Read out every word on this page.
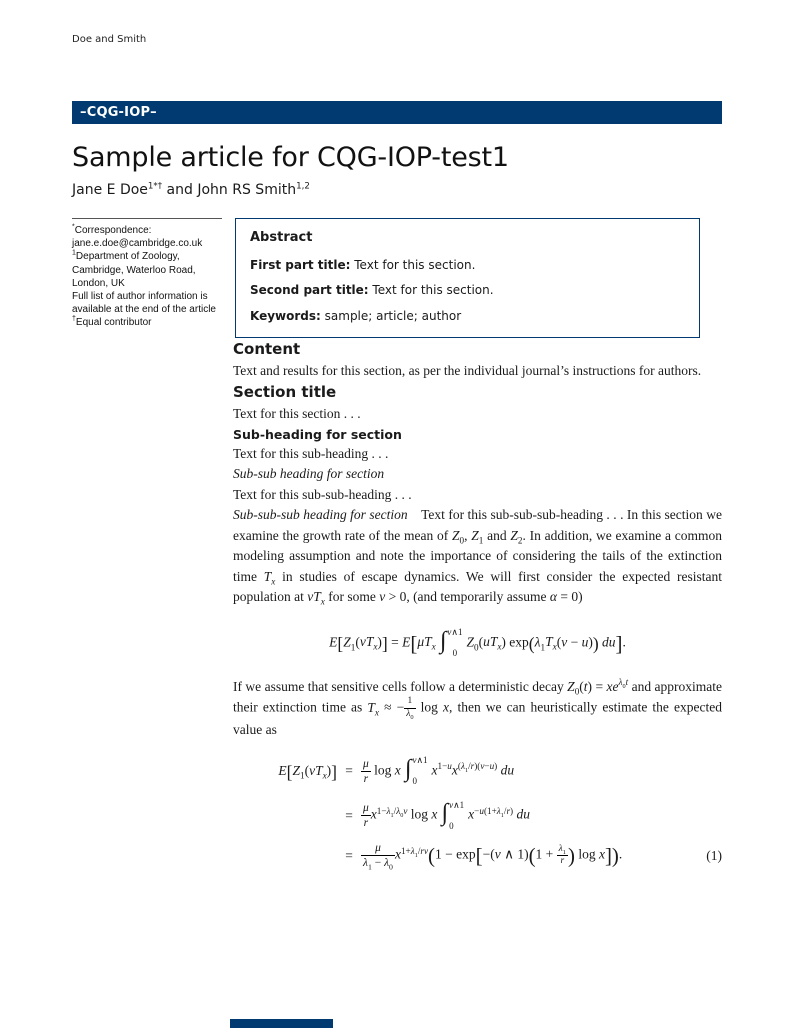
Doe and Smith
–CQG-IOP–
Sample article for CQG-IOP-test1
Jane E Doe$^{1*\dagger}$ and John RS Smith$^{1,2}$

*Correspondence:
jane.e.doe@cambridge.co.uk

$^1$Department of Zoology, Cambridge, Waterloo Road, London, UK

Full list of author information is available at the end of the article

†Equal contributor

Abstract

First part title: Text for this section.

Second part title: Text for this section.

Keywords: sample; article; author

Content

Text and results for this section, as per the individual journal’s instructions for authors.

Section title

Text for this section . . .

Sub-heading for section

Text for this sub-heading . . .

Sub-sub heading for section

Text for this sub-sub-heading . . .

Sub-sub-sub heading for section Text for this sub-sub-sub-heading . . . In this section we examine the growth rate of the mean of $Z_0$, $Z_1$ and $Z_2$. In addition, we examine a common modeling assumption and note the importance of considering the tails of the extinction time $T_x$ in studies of escape dynamics. We will first consider the expected resistant population at $vT_x$ for some v > 0, (and temporarily assume α = 0)

$E[Z_1(vT_x)] = E[\mu T_x$ ∫ v∧1
0
$Z_0(uT_x) \exp(\lambda_1T_x(v - u))$ du].

If we assume that sensitive cells follow a deterministic decay $Z_0(t) = xe^{\lambda_0t}$ and approximate their extinction time as $T_x$ ≈ − $\frac{1}{\lambda_0}$ log x, then we can heuristically estimate the expected value as

$E[Z_1(vT_x)] = \frac{\mu}{r}$ log x ∫ v∧1
0
$x^{1-u}x^{(\lambda_1/r)(v-u)}$ du
= $\frac{\mu}{r} x^{1-\lambda_1/\lambda_0v}$ log x ∫ v∧1
0
$x^{-u(1+\lambda_1/r)}$ du
= $\frac{\mu}{\lambda_1 - \lambda_0} x^{1+\lambda_1/rv}(1 - \exp[-(v$ ∧ $1)(1 + \frac{\lambda_1}{r}$ ) log x]).	(1)
